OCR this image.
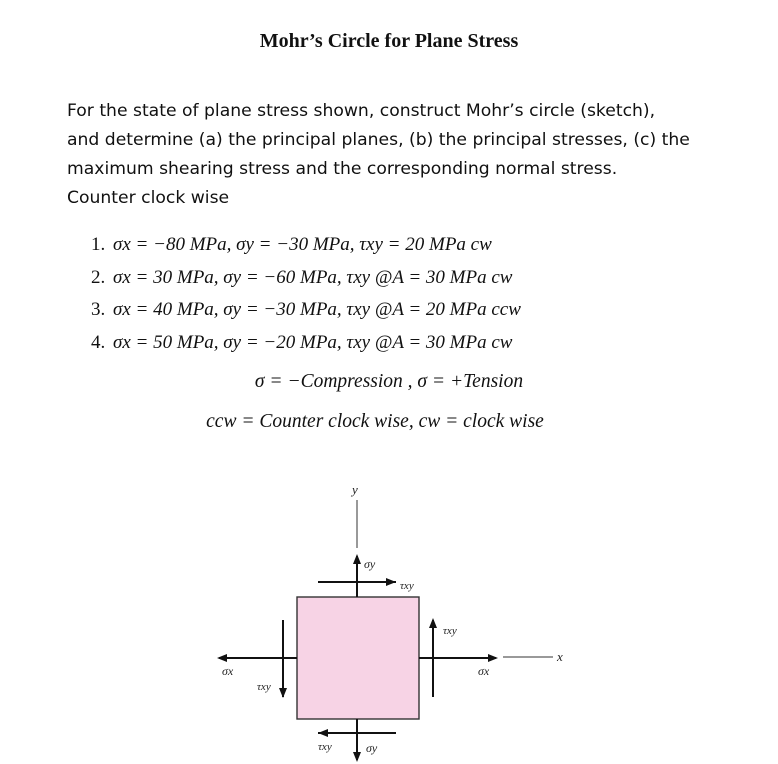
Mohr’s Circle for Plane Stress
For the state of plane stress shown, construct Mohr’s circle (sketch),
and determine (a) the principal planes, (b) the principal stresses, (c) the
maximum shearing stress and the corresponding normal stress.
Counter clock wise
1. σx = −80 MPa, σy = −30 MPa, τxy = 20 MPa cw
2. σx = 30 MPa, σy = −60 MPa, τxy @A = 30 MPa cw
3. σx = 40 MPa, σy = −30 MPa, τxy @A = 20 MPa ccw
4. σx = 50 MPa, σy = −20 MPa, τxy @A = 30 MPa cw
σ = −Compression , σ = +Tension
ccw = Counter clock wise, cw = clock wise
y
x
σy
τxy
τxy	σy
σx
τxy
τxy
σx
